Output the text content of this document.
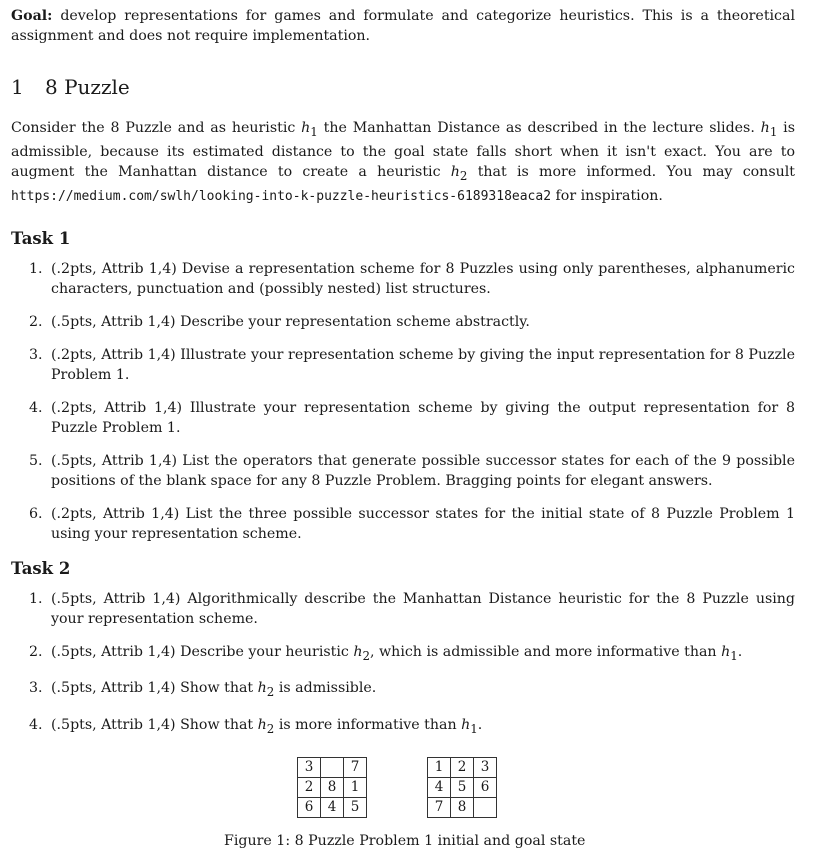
Goal: develop representations for games and formulate and categorize heuristics. This is a theoretical assignment and does not require implementation.

1 8 Puzzle

Consider the 8 Puzzle and as heuristic $h_1$ the Manhattan Distance as described in the lecture slides. $h_1$ is admissible, because its estimated distance to the goal state falls short when it isn't exact. You are to augment the Manhattan distance to create a heuristic $h_2$ that is more informed. You may consult https://medium.com/swlh/looking-into-k-puzzle-heuristics-6189318eaca2 for inspiration.

Task 1
1. (.2pts, Attrib 1,4) Devise a representation scheme for 8 Puzzles using only parentheses, alphanumeric characters, punctuation and (possibly nested) list structures.
2. (.5pts, Attrib 1,4) Describe your representation scheme abstractly.
3. (.2pts, Attrib 1,4) Illustrate your representation scheme by giving the input representation for 8 Puzzle Problem 1.
4. (.2pts, Attrib 1,4) Illustrate your representation scheme by giving the output representation for 8 Puzzle Problem 1.
5. (.5pts, Attrib 1,4) List the operators that generate possible successor states for each of the 9 possible positions of the blank space for any 8 Puzzle Problem. Bragging points for elegant answers.
6. (.2pts, Attrib 1,4) List the three possible successor states for the initial state of 8 Puzzle Problem 1 using your representation scheme.
Task 2
1. (.5pts, Attrib 1,4) Algorithmically describe the Manhattan Distance heuristic for the 8 Puzzle using your representation scheme.
2. (.5pts, Attrib 1,4) Describe your heuristic $h_2$, which is admissible and more informative than $h_1$.
3. (.5pts, Attrib 1,4) Show that $h_2$ is admissible.
4. (.5pts, Attrib 1,4) Show that $h_2$ is more informative than $h_1$.
3		7
2	8	1
6	4	5
1	2	3
4	5	6
7	8	
Figure 1: 8 Puzzle Problem 1 initial and goal state
